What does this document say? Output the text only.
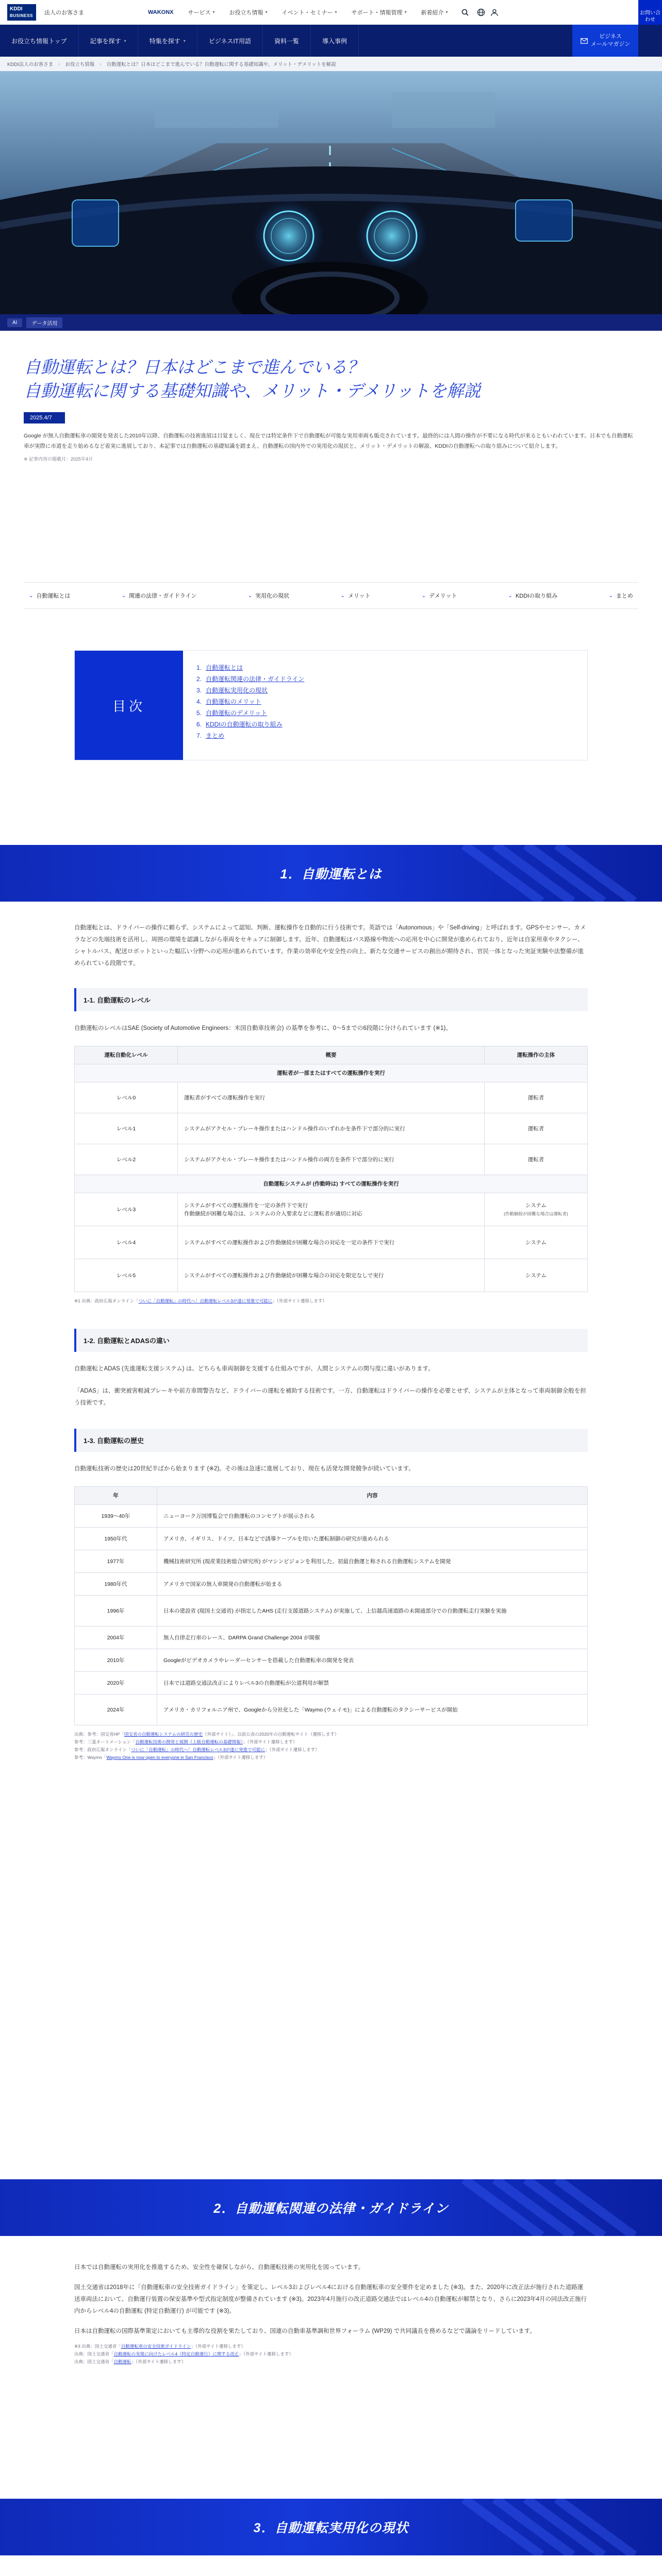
KDDI
BUSINESS 法人のお客さま	WAKONX	サービス ▾	お役立ち情報 ▾	イベント・セミナー ▾	サポート・情報管理 ▾	新着紹介 ▾	お問い合わせ
お役立ち情報トップ	記事を探す ▾	特集を探す ▾	ビジネスIT用語	資料一覧	導入事例
ビジネス
メールマガジン
KDDI法人のお客さま › お役立ち情報 › 自動運転とは？日本はどこまで進んでいる？自動運転に関する基礎知識や、メリット・デメリットを解説
AI	データ活用
自動運転とは？日本はどこまで進んでいる？
自動運転に関する基礎知識や、メリット・デメリットを解説
2025.4/7

Google が無人自動運転車の開発を発表した2010年以降、自動運転の技術進展は目覚ましく、現在では特定条件下で自動運転が可能な実用車両も販売されています。最終的には人間の操作が不要になる時代が来るともいわれています。日本でも自動運転車が実際に市道を走り始めるなど着実に進展しており、本記事では自動運転の基礎知識を踏まえ、自動運転の国内外での実用化の現状と、メリット・デメリットの解説、KDDIの自動運転への取り組みについて紹介します。

※ 記事内容の掲載月：2025年4月

⌄ 自動運転とは	⌄ 関連の法律・ガイドライン	⌄ 実用化の現状	⌄ メリット	⌄ デメリット	⌄ KDDIの取り組み	⌄ まとめ
目次
1. 自動運転とは
2. 自動運転関連の法律・ガイドライン
3. 自動運転実用化の現状
4. 自動運転のメリット
5. 自動運転のデメリット
6. KDDIの自動運転の取り組み
7. まとめ
1．自動運転とは

自動運転とは、ドライバーの操作に頼らず、システムによって認知、判断、運転操作を自動的に行う技術です。英語では「Autonomous」や「Self-driving」と呼ばれます。GPSやセンサー、カメラなどの先端技術を活用し、周囲の環境を認識しながら車両をセキュアに制御します。近年、自動運転はバス路線や物流への応用を中心に開発が進められており、近年は自家用車やタクシー、シャトルバス、配送ロボットといった幅広い分野への応用が進められています。作業の効率化や安全性の向上、新たな交通サービスの創出が期待され、官民一体となった実証実験や法整備が進められている段階です。

1-1. 自動運転のレベル

自動運転のレベルはSAE (Society of Automotive Engineers：米国自動車技術会) の基準を参考に、0〜5までの6段階に分けられています (※1)。

運転自動化レベル	概要	運転操作の主体
運転者が一部またはすべての運転操作を実行		
レベル0	運転者がすべての運転操作を実行	運転者
レベル1	システムがアクセル・ブレーキ操作またはハンドル操作のいずれかを条件下で部分的に実行	運転者
レベル2	システムがアクセル・ブレーキ操作またはハンドル操作の両方を条件下で部分的に実行	運転者
自動運転システムが (作動時は) すべての運転操作を実行		
レベル3	システムがすべての運転操作を一定の条件下で実行
作動継続が困難な場合は、システムの介入要求などに運転者が適切に対応	システム
(作動継続が困難な場合は運転者)
レベル4	システムがすべての運転操作および作動継続が困難な場合の対応を一定の条件下で実行	システム
レベル5	システムがすべての運転操作および作動継続が困難な場合の対応を限定なしで実行	システム

※1 出典：政府広報オンライン「ついに「自動運転」の時代へ！自動運転レベル3が遂に発進で可能に」（外部サイト遷移します）

1-2. 自動運転とADASの違い

自動運転とADAS (先進運転支援システム) は、どちらも車両制御を支援する仕組みですが、人間とシステムの関与度に違いがあります。

「ADAS」は、衝突被害軽減ブレーキや前方車間警告など、ドライバーの運転を補助する技術です。一方、自動運転はドライバーの操作を必要とせず、システムが主体となって車両制御全般を担う技術です。

1-3. 自動運転の歴史

自動運転技術の歴史は20世紀半ばから始まります (※2)。その後は急速に進展しており、現在も活発な開発競争が続いています。

年	内容
1939〜40年	ニューヨーク万国博覧会で自動運転のコンセプトが展示される
1950年代	アメリカ、イギリス、ドイツ、日本などで誘導ケーブルを用いた運転制御の研究が進められる
1977年	機械技術研究所 (現産業技術総合研究所) がマシンビジョンを利用した、初最自動運と称される自動運転システムを開発
1980年代	アメリカで国家の無人車開発の自動運転が始まる
1996年	日本の建設省 (現国土交通省) が指定したAHS (走行支援道路システム) が実施して、上信越高速道路の未開通部分での自動運転走行実験を実施
2004年	無人自律走行車のレース、DARPA Grand Challenge 2004 が開催
2010年	Googleがビデオカメラやレーダーセンサーを搭載した自動運転車の開発を発表
2020年	日本では道路交通法改正によりレベル3の自動運転が公道利用が解禁
2024年	アメリカ・カリフォルニア州で、Googleから分社化した「Waymo (ウェイモ)」による自動運転のタクシーサービスが開始

出典：参考：国交省HP「国交省の自動運転システムの研究の歴史（外部サイト）」、以前公表の2020年の自動運転サイト（遷移します）

参考：三菱オートメーション「自動運転技術の開発と展開（上級自動運転の基礎情報）」（外部サイト遷移します）

参考：政府広報オンライン「ついに「自動運転」の時代へ！自動運転レベル3が遂に発進で可能に」（外部サイト遷移します）

参考：Waymo「Waymo One is now open to everyone in San Francisco」（外部サイト遷移します）

2．自動運転関連の法律・ガイドライン

日本では自動運転の実用化を推進するため、安全性を確保しながら、自動運転技術の実用化を図っています。

国土交通省は2018年に「自動運転車の安全技術ガイドライン」を策定し、レベル3およびレベル4における自動運転車の安全要件を定めました (※3)。また、2020年に改正法が施行された道路運送車両法において、自動運行装置の保安基準や型式指定制度が整備されています (※3)。2023年4月施行の改正道路交通法ではレベル4の自動運転が解禁となり、さらに2023年4月の同法改正施行内からレベル4の自動運転 (特定自動運行) が可能です (※3)。

日本は自動運転の国際基準策定においても主導的な役割を果たしており、国連の自動車基準調和世界フォーラム (WP29) で共同議長を務めるなどで議論をリードしています。

※3 出典：国土交通省「自動運転車の安全技術ガイドライン」（外部サイト遷移します）

出典：国土交通省「自動運転の実現に向けたレベル4（特定自動運行）に関する改正」（外部サイト遷移します）

出典：国土交通省「自動運転」（外部サイト遷移します）

3．自動運転実用化の現状
